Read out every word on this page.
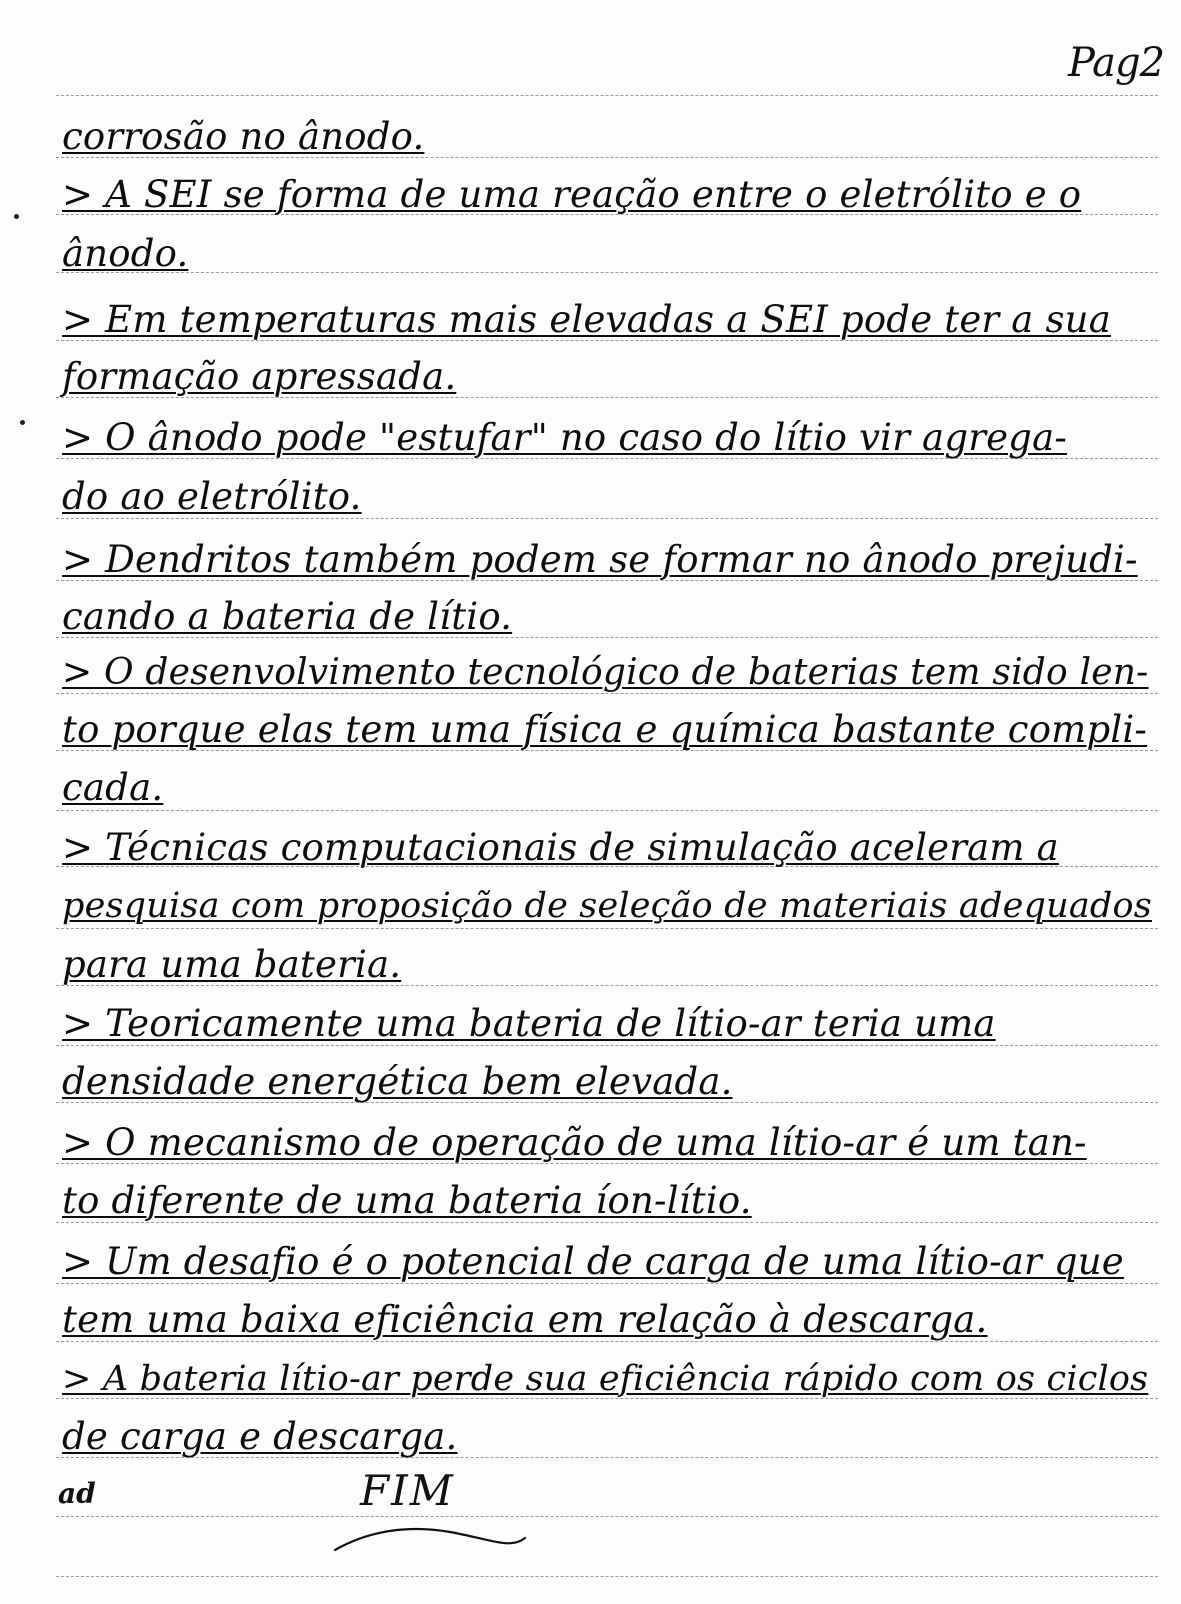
Pag2
corrosão no ânodo.
> A SEI se forma de uma reação entre o eletrólito e o
ânodo.
> Em temperaturas mais elevadas a SEI pode ter a sua
formação apressada.
> O ânodo pode "estufar" no caso do lítio vir agrega-
do ao eletrólito.
> Dendritos também podem se formar no ânodo prejudi-
cando a bateria de lítio.
> O desenvolvimento tecnológico de baterias tem sido len-
to porque elas tem uma física e química bastante compli-
cada.
> Técnicas computacionais de simulação aceleram a
pesquisa com proposição de seleção de materiais adequados
para uma bateria.
> Teoricamente uma bateria de lítio-ar teria uma
densidade energética bem elevada.
> O mecanismo de operação de uma lítio-ar é um tan-
to diferente de uma bateria íon-lítio.
> Um desafio é o potencial de carga de uma lítio-ar que
tem uma baixa eficiência em relação à descarga.
> A bateria lítio-ar perde sua eficiência rápido com os ciclos
de carga e descarga.
ad	FIM
